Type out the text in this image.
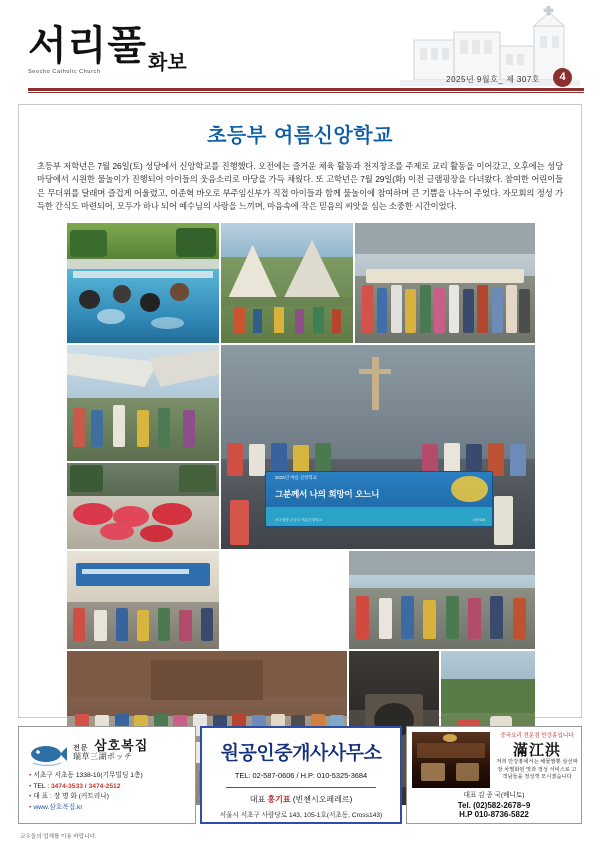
서리풀
Seocho Catholic Church	화보
2025년 9월호_ 제 307호	4
초등부 여름신앙학교
초등부 저학년은 7월 26일(토) 성당에서 신앙학교를 진행했다. 오전에는 즐거운 체육 활동과 천지창조를 주제로 교리 활동을 이어갔고, 오후에는 성당 마당에서 시원한 물놀이가 진행되어 아이들의 웃음소리로 마당을 가득 채웠다. 또 고학년은 7월 29일(화) 이전 글램핑장을 다녀왔다. 참여한 어린이들은 무더위를 달래며 즐겁게 어울렸고, 이준혁 바오로 부주임신부가 직접 아이들과 함께 물놀이에 참여하며 큰 기쁨을 나누어 주었다. 자모회의 정성 가득한 간식도 마련되어, 모두가 하나 되어 예수님의 사랑을 느끼며, 마음속에 작은 믿음의 씨앗을 심는 소중한 시간이었다.
2025년 여름 신앙학교
그분께서 나의 희망이 오느니
서초성당 초등부 여름신앙학교	시편 62:5
전문 삼호복집
瑞草三湖ポッチ
• 서초구 서초동 1338-10(기무빌딩 1층)
• TEL : 3474-3533 / 3474-2512
• 대 표 : 장 명 화 (커트리나)
• www.삼호복집.kr
원공인중개사사무소
TEL: 02-587-0606 / H.P: 010-5325-3684
대표 홍기표 (빈첸시오페레르)
서울시 서초구 사람당로 143, 105-1호(서초동, Cross143)
중국요리 전문점 만강홍입니다
滿江洪
저희 만강홍에서는 해물짬뽕 삼선짜장 차별화된 맛과 정성 서비스로 고객님들을 정성껏 모시겠습니다
대표 김 종 국(베니토)
Tel. (02)582-2678~9
H.P 010-8736-5822
교우들의 업체를 이용 바랍니다.
